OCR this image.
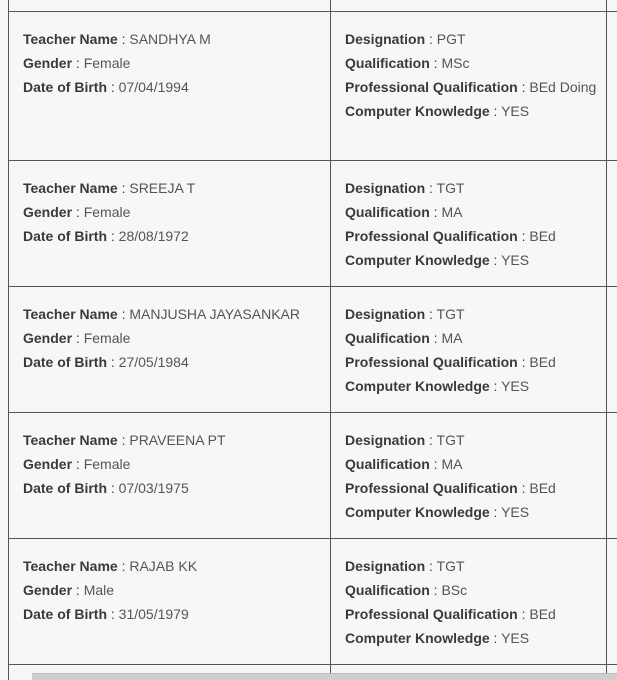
Teacher Name : SANDHYA M
Gender : Female
Date of Birth : 07/04/1994	Designation : PGT
Qualification : MSc
Professional Qualification : BEd Doing
Computer Knowledge : YES	

Teacher Name : SREEJA T
Gender : Female
Date of Birth : 28/08/1972	Designation : TGT
Qualification : MA
Professional Qualification : BEd
Computer Knowledge : YES	

Teacher Name : MANJUSHA JAYASANKAR
Gender : Female
Date of Birth : 27/05/1984	Designation : TGT
Qualification : MA
Professional Qualification : BEd
Computer Knowledge : YES	

Teacher Name : PRAVEENA PT
Gender : Female
Date of Birth : 07/03/1975	Designation : TGT
Qualification : MA
Professional Qualification : BEd
Computer Knowledge : YES	

Teacher Name : RAJAB KK
Gender : Male
Date of Birth : 31/05/1979	Designation : TGT
Qualification : BSc
Professional Qualification : BEd
Computer Knowledge : YES	
